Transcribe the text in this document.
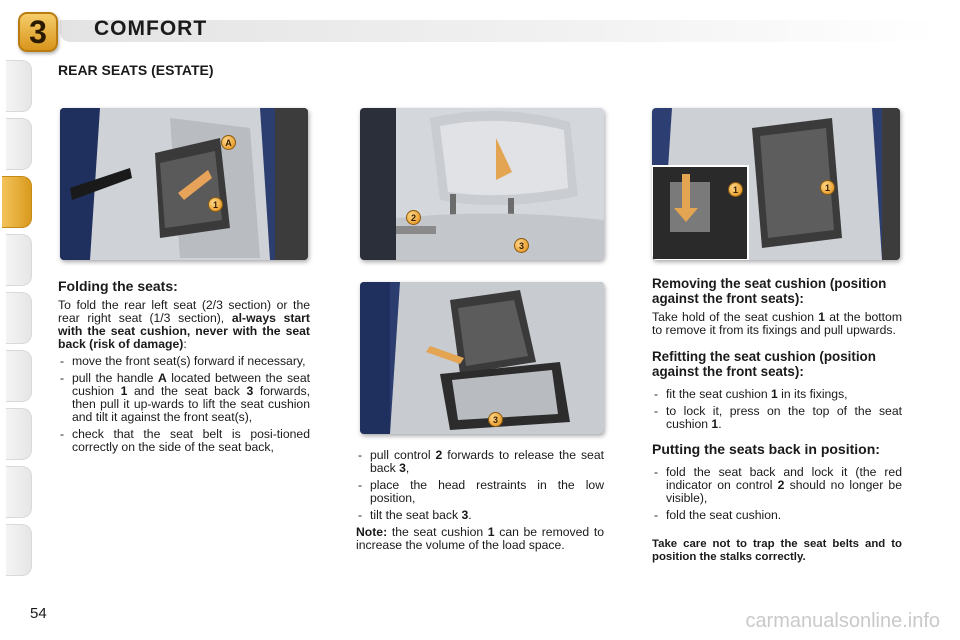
3	COMFORT
REAR SEATS (ESTATE)
A
1
2
3
3
1	1
Folding the seats:

To fold the rear left seat (2/3 section) or the rear right seat (1/3 section), al-ways start with the seat cushion, never with the seat back (risk of damage):

- move the front seat(s) forward if necessary,
- pull the handle A located between the seat cushion 1 and the seat back 3 forwards, then pull it up-wards to lift the seat cushion and tilt it against the front seat(s),
- check that the seat belt is posi-tioned correctly on the side of the seat back,
- pull control 2 forwards to release the seat back 3,
- place the head restraints in the low position,
- tilt the seat back 3.

Note: the seat cushion 1 can be removed to increase the volume of the load space.

Removing the seat cushion (position against the front seats):

Take hold of the seat cushion 1 at the bottom to remove it from its fixings and pull upwards.

Refitting the seat cushion (position against the front seats):
- fit the seat cushion 1 in its fixings,
- to lock it, press on the top of the seat cushion 1.
Putting the seats back in position:
- fold the seat back and lock it (the red indicator on control 2 should no longer be visible),
- fold the seat cushion.

Take care not to trap the seat belts and to position the stalks correctly.

54	carmanualsonline.info
